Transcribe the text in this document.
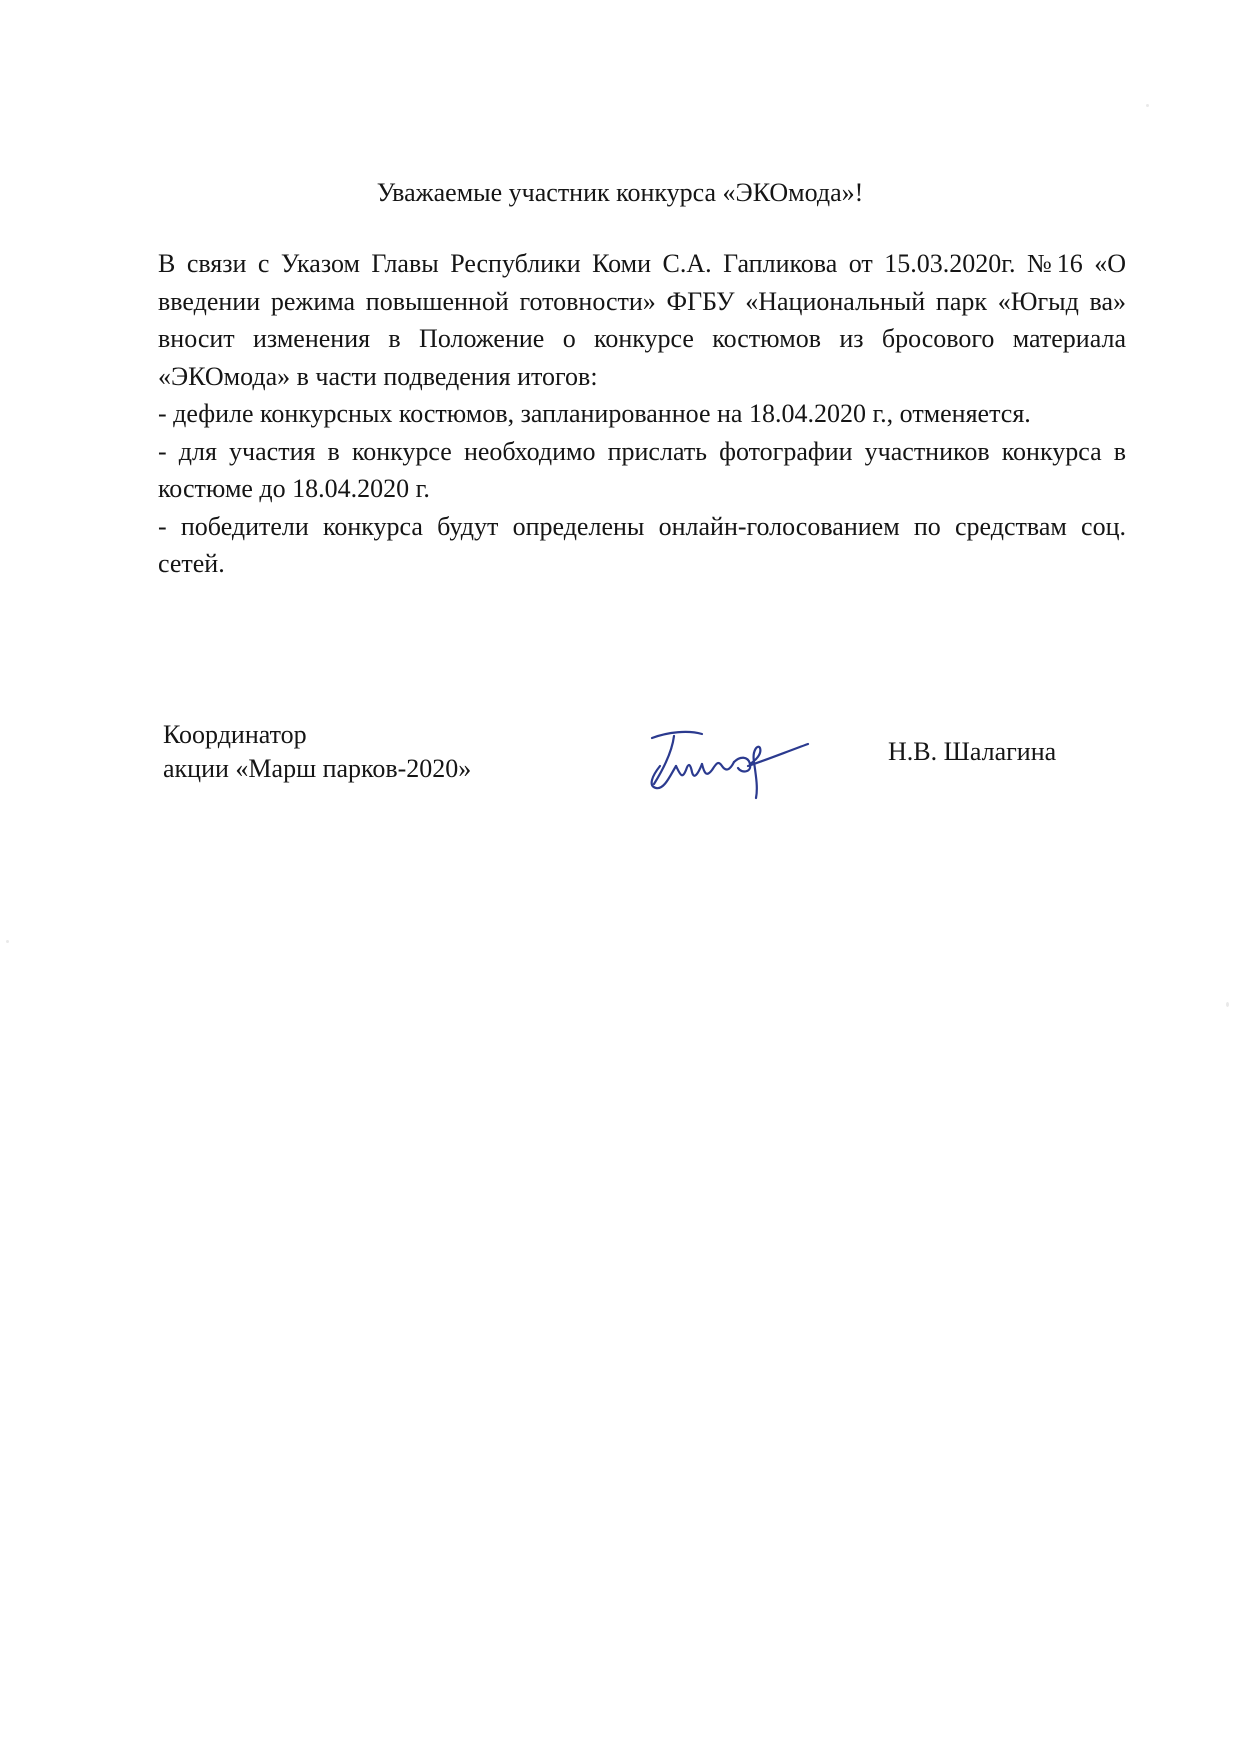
Уважаемые участник конкурса «ЭКОмода»!

В связи с Указом Главы Республики Коми С.А. Гапликова от 15.03.2020г. №16 «О введении режима повышенной готовности» ФГБУ «Национальный парк «Югыд ва» вносит изменения в Положение о конкурсе костюмов из бросового материала «ЭКОмода» в части подведения итогов:

- дефиле конкурсных костюмов, запланированное на 18.04.2020 г., отменяется.

- для участия в конкурсе необходимо прислать фотографии участников конкурса в костюме до 18.04.2020 г.

- победители конкурса будут определены онлайн-голосованием по средствам соц. сетей.

Координатор
акции «Марш парков-2020»
Н.В. Шалагина
